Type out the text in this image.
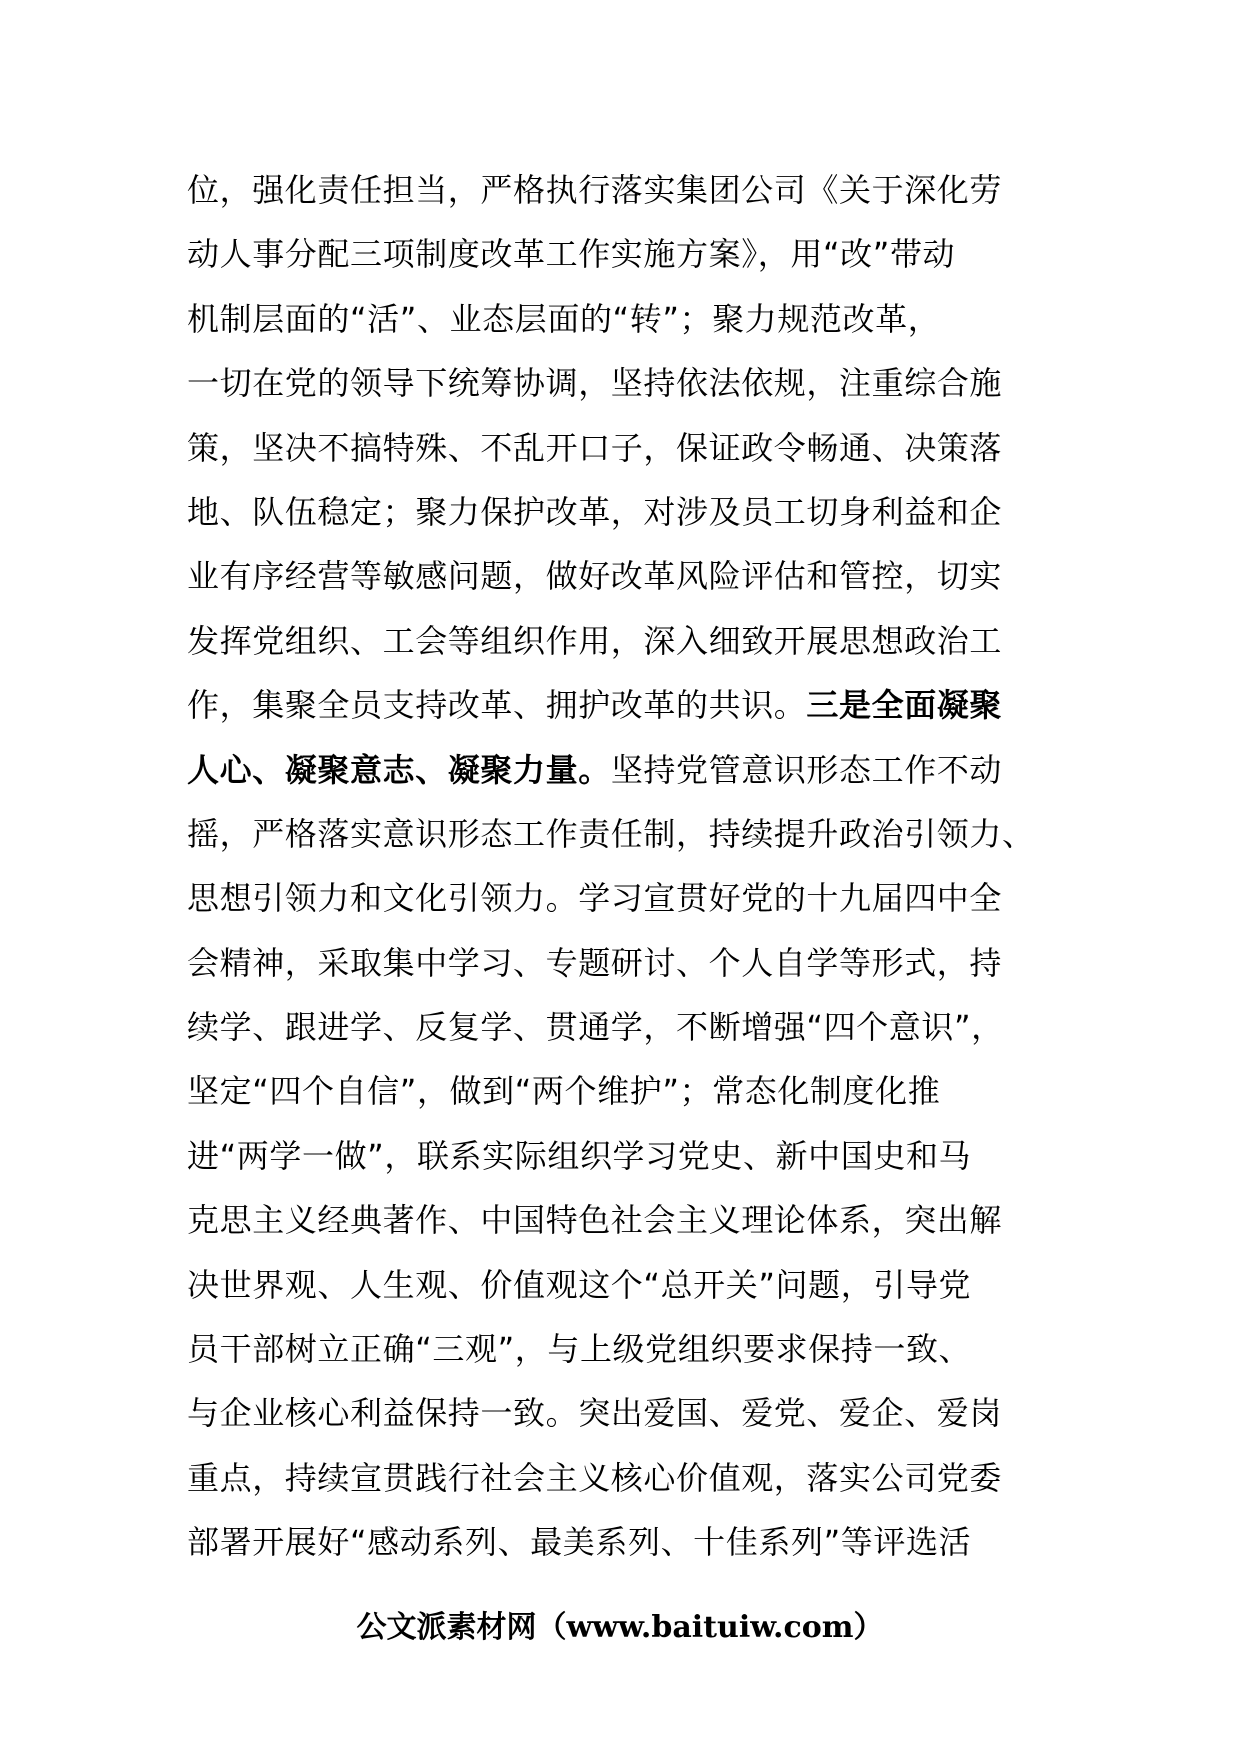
位，强化责任担当，严格执行落实集团公司《关于深化劳
动人事分配三项制度改革工作实施方案》，用“改”带动
机制层面的“活”、业态层面的“转”；聚力规范改革，
一切在党的领导下统筹协调，坚持依法依规，注重综合施
策，坚决不搞特殊、不乱开口子，保证政令畅通、决策落
地、队伍稳定；聚力保护改革，对涉及员工切身利益和企
业有序经营等敏感问题，做好改革风险评估和管控，切实
发挥党组织、工会等组织作用，深入细致开展思想政治工
作，集聚全员支持改革、拥护改革的共识。三是全面凝聚
人心、凝聚意志、凝聚力量。坚持党管意识形态工作不动
摇，严格落实意识形态工作责任制，持续提升政治引领力、
思想引领力和文化引领力。学习宣贯好党的十九届四中全
会精神，采取集中学习、专题研讨、个人自学等形式，持
续学、跟进学、反复学、贯通学，不断增强“四个意识”，
坚定“四个自信”，做到“两个维护”；常态化制度化推
进“两学一做”，联系实际组织学习党史、新中国史和马
克思主义经典著作、中国特色社会主义理论体系，突出解
决世界观、人生观、价值观这个“总开关”问题，引导党
员干部树立正确“三观”，与上级党组织要求保持一致、
与企业核心利益保持一致。突出爱国、爱党、爱企、爱岗
重点，持续宣贯践行社会主义核心价值观，落实公司党委
部署开展好“感动系列、最美系列、十佳系列”等评选活
公文派素材网（www.baituiw.com）
